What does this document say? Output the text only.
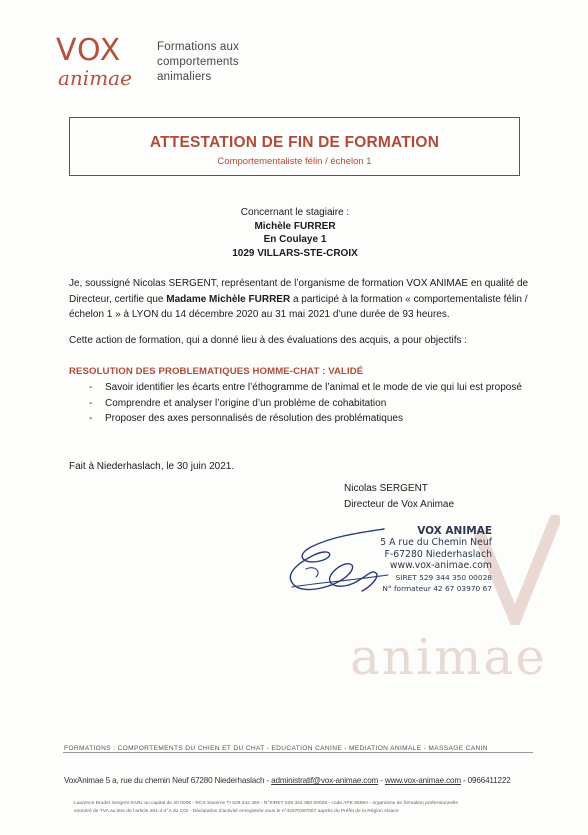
VOX
animae
Formations aux
comportements
animaliers
ATTESTATION DE FIN DE FORMATION
Comportementaliste félin / échelon 1
Concernant le stagiaire :
Michèle FURRER
En Coulaye 1
1029 VILLARS-STE-CROIX
Je, soussigné Nicolas SERGENT, représentant de l’organisme de formation VOX ANIMAE en qualité de Directeur, certifie que Madame Michèle FURRER a participé à la formation « comportementaliste félin / échelon 1 » à LYON du 14 décembre 2020 au 31 mai 2021 d’une durée de 93 heures.
Cette action de formation, qui a donné lieu à des évaluations des acquis, a pour objectifs :
RESOLUTION DES PROBLEMATIQUES HOMME-CHAT : VALIDÉ
-	Savoir identifier les écarts entre l’éthogramme de l’animal et le mode de vie qui lui est proposé
-	Comprendre et analyser l’origine d’un problème de cohabitation
-	Proposer des axes personnalisés de résolution des problématiques
Fait à Niederhaslach, le 30 juin 2021.
Nicolas SERGENT
Directeur de Vox Animae
VOX ANIMAE
5 A rue du Chemin Neuf
F-67280 Niederhaslach
www.vox-animae.com
SIRET 529 344 350 00028
N° formateur 42 67 03970 67
animae
FORMATIONS : COMPORTEMENTS DU CHIEN ET DU CHAT - EDUCATION CANINE - MEDIATION ANIMALE - MASSAGE CANIN
VoxAnimae 5 a, rue du chemin Neuf 67280 Niederhaslach - administratif@vox-animae.com - www.vox-animae.com - 0966411222
Laurence Bruder Sergent SARL au capital de 20 000€ - RCS Saverne TI 529 344 350 - N°SIRET 529 344 350 00028 - code APE 8559A - organisme de formation professionnelle
exonéré de TVA au titre de l’article 261-4-4°A du CGI - Déclaration d’activité enregistrée sous le n°42670397067 auprès du Préfet de la Région Alsace
